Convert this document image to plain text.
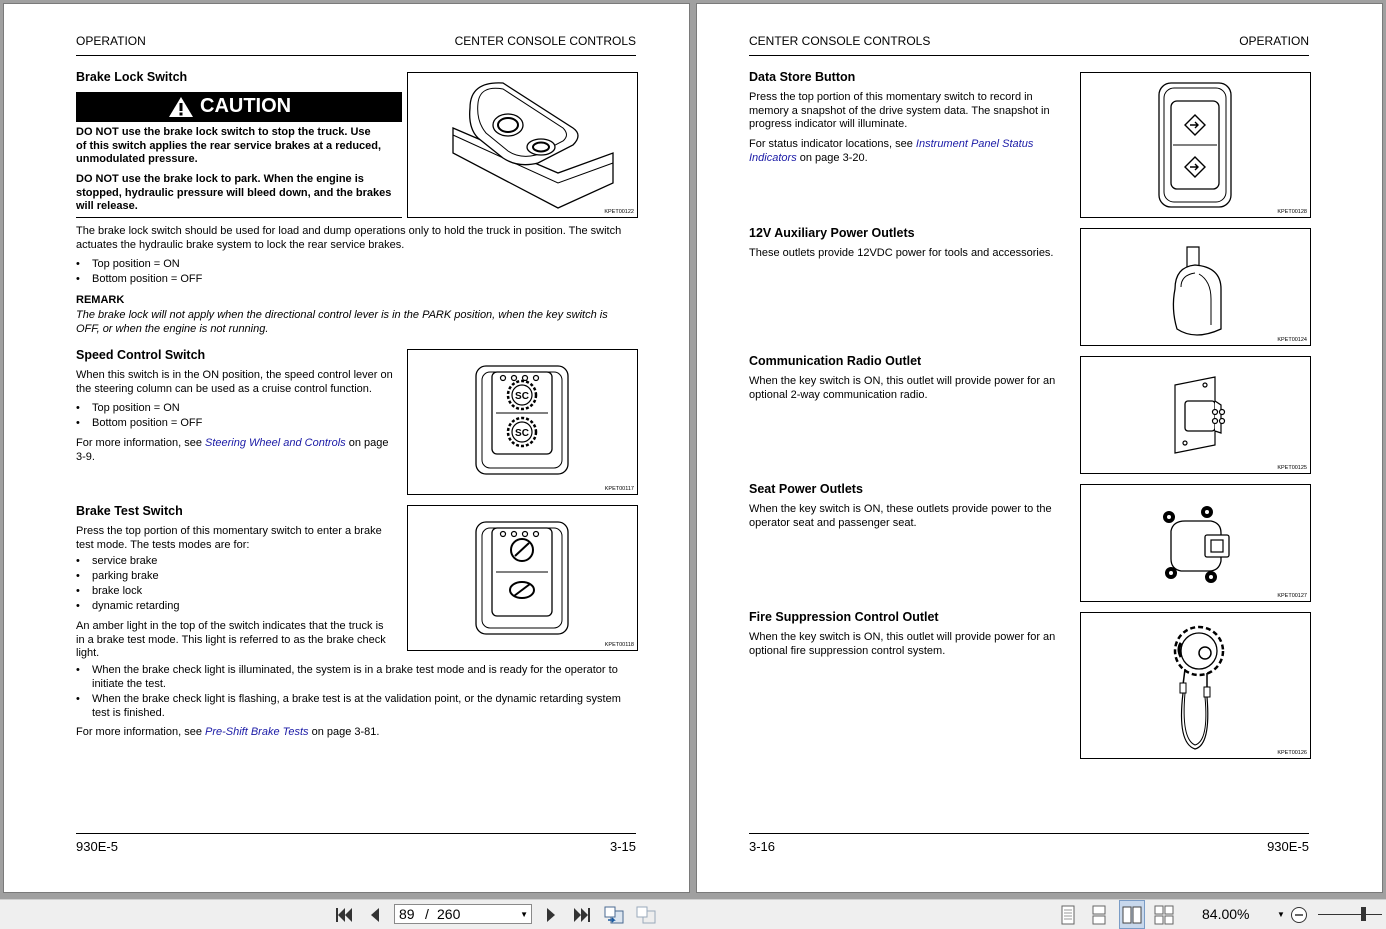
OPERATION	CENTER CONSOLE CONTROLS
Brake Lock Switch
CAUTION
DO NOT use the brake lock switch to stop the truck. Use
of this switch applies the rear service brakes at a reduced,
unmodulated pressure.
DO NOT use the brake lock to park. When the engine is
stopped, hydraulic pressure will bleed down, and the brakes
will release.	KPET00122
The brake lock switch should be used for load and dump operations only to hold the truck in position. The switch
actuates the hydraulic brake system to lock the rear service brakes.
• Top position = ON
• Bottom position = OFF
REMARK
The brake lock will not apply when the directional control lever is in the PARK position, when the key switch is
OFF, or when the engine is not running.
Speed Control Switch
When this switch is in the ON position, the speed control lever on
the steering column can be used as a cruise control function.
• Top position = ON
• Bottom position = OFF
For more information, see Steering Wheel and Controls on page
3-9.
SC
SC
KPET00117
Brake Test Switch
Press the top portion of this momentary switch to enter a brake
test mode. The tests modes are for:
• service brake
• parking brake
• brake lock
• dynamic retarding
An amber light in the top of the switch indicates that the truck is
in a brake test mode. This light is referred to as the brake check
light.
• When the brake check light is illuminated, the system is in a brake test mode and is ready for the operator to
initiate the test.
• When the brake check light is flashing, a brake test is at the validation point, or the dynamic retarding system
test is finished.
For more information, see Pre-Shift Brake Tests on page 3-81.
KPET00118
930E-5	3-15
CENTER CONSOLE CONTROLS	OPERATION
Data Store Button
Press the top portion of this momentary switch to record in
memory a snapshot of the drive system data. The snapshot in
progress indicator will illuminate.
For status indicator locations, see Instrument Panel Status
Indicators on page 3-20.
KPET00128
12V Auxiliary Power Outlets
These outlets provide 12VDC power for tools and accessories.
KPET00124
Communication Radio Outlet
When the key switch is ON, this outlet will provide power for an
optional 2-way communication radio.
KPET00125
Seat Power Outlets
When the key switch is ON, these outlets provide power to the
operator seat and passenger seat.
KPET00127
Fire Suppression Control Outlet
When the key switch is ON, this outlet will provide power for an
optional fire suppression control system.
KPET00126
3-16	930E-5
89 / 260	▼	84.00%	▼
